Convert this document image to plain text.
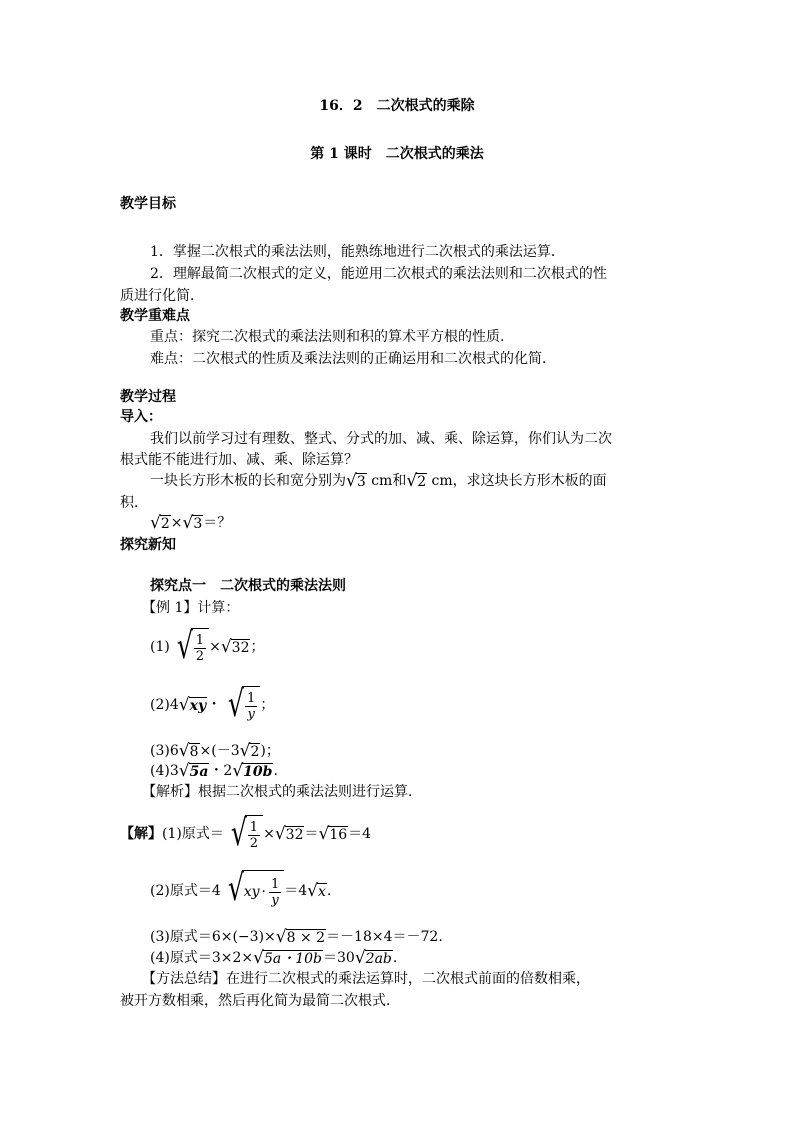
16．2　二次根式的乘除
第 1 课时　二次根式的乘法
教学目标
1．掌握二次根式的乘法法则，能熟练地进行二次根式的乘法运算．
2．理解最简二次根式的定义，能逆用二次根式的乘法法则和二次根式的性
质进行化简．
教学重难点
重点：探究二次根式的乘法法则和积的算术平方根的性质．
难点：二次根式的性质及乘法法则的正确运用和二次根式的化简．
教学过程
导入：
我们以前学习过有理数、整式、分式的加、减、乘、除运算，你们认为二次
根式能不能进行加、减、乘、除运算？
一块长方形木板的长和宽分别为 √ 3 cm和 √ 2 cm，求这块长方形木板的面
积．
√ 2 × √ 3 ＝？
探究新知
探究点一　二次根式的乘法法则
【例 1】计算：
(1) √ $\frac{1}{2}$ × √ 32 ；
(2)4 √ xy ・ √ $\frac{1}{y}$ ；
(3)6 √ 8 ×(－3 √ 2 )；
(4)3 √ 5a ・2 √ 10b .
【解析】根据二次根式的乘法法则进行运算．
【解】 (1)原式＝ √ $\frac{1}{2}$ × √ 32 ＝ √ 16 ＝4
(2)原式＝4 √ xy · $\frac{1}{y} =4$ √ x .
(3)原式＝6×(−3)× √ 8 × 2 ＝－18×4＝－72.
(4)原式＝3×2× √ 5a・10b ＝30 √ 2ab .
【方法总结】在进行二次根式的乘法运算时，二次根式前面的倍数相乘，
被开方数相乘，然后再化简为最简二次根式．
